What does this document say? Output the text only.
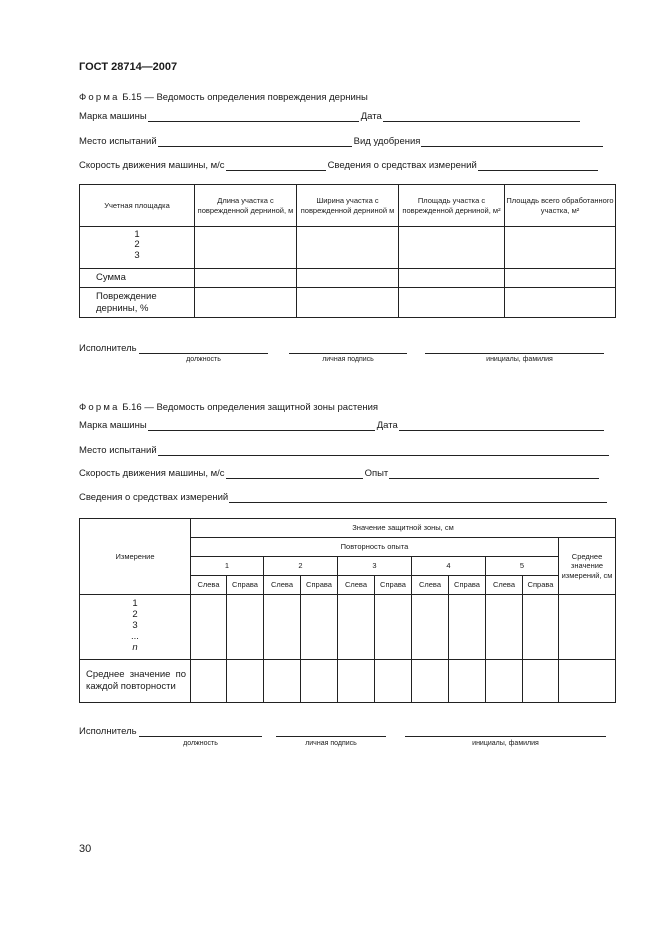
ГОСТ 28714—2007
Форма Б.15 — Ведомость определения повреждения дернины
Марка машины	Дата
Место испытаний	Вид удобрения
Скорость движения машины, м/с	Сведения о средствах измерений
Учетная площадка	Длина участка с поврежденной дерниной, м	Ширина участка с поврежденной дерниной м	Площадь участка с поврежденной дерниной, м²	Площадь всего обработанного участка, м²

1
2
3				

Сумма				
Повреждение дернины, %				
Исполнитель
должность	личная подпись	инициалы, фамилия
Форма Б.16 — Ведомость определения защитной зоны растения
Марка машины	Дата
Место испытаний
Скорость движения машины, м/с	Опыт
Сведения о средствах измерений
Измерение	Значение защитной зоны, см										
	Повторность опыта										Среднее значение измерений, см
	1		2		3		4		5		
	Слева	Справа	Слева	Справа	Слева	Справа	Слева	Справа	Слева	Справа	

1
2
3
...
n											

Среднее значение по каждой повторности											
Исполнитель
должность	личная подпись	инициалы, фамилия
30
